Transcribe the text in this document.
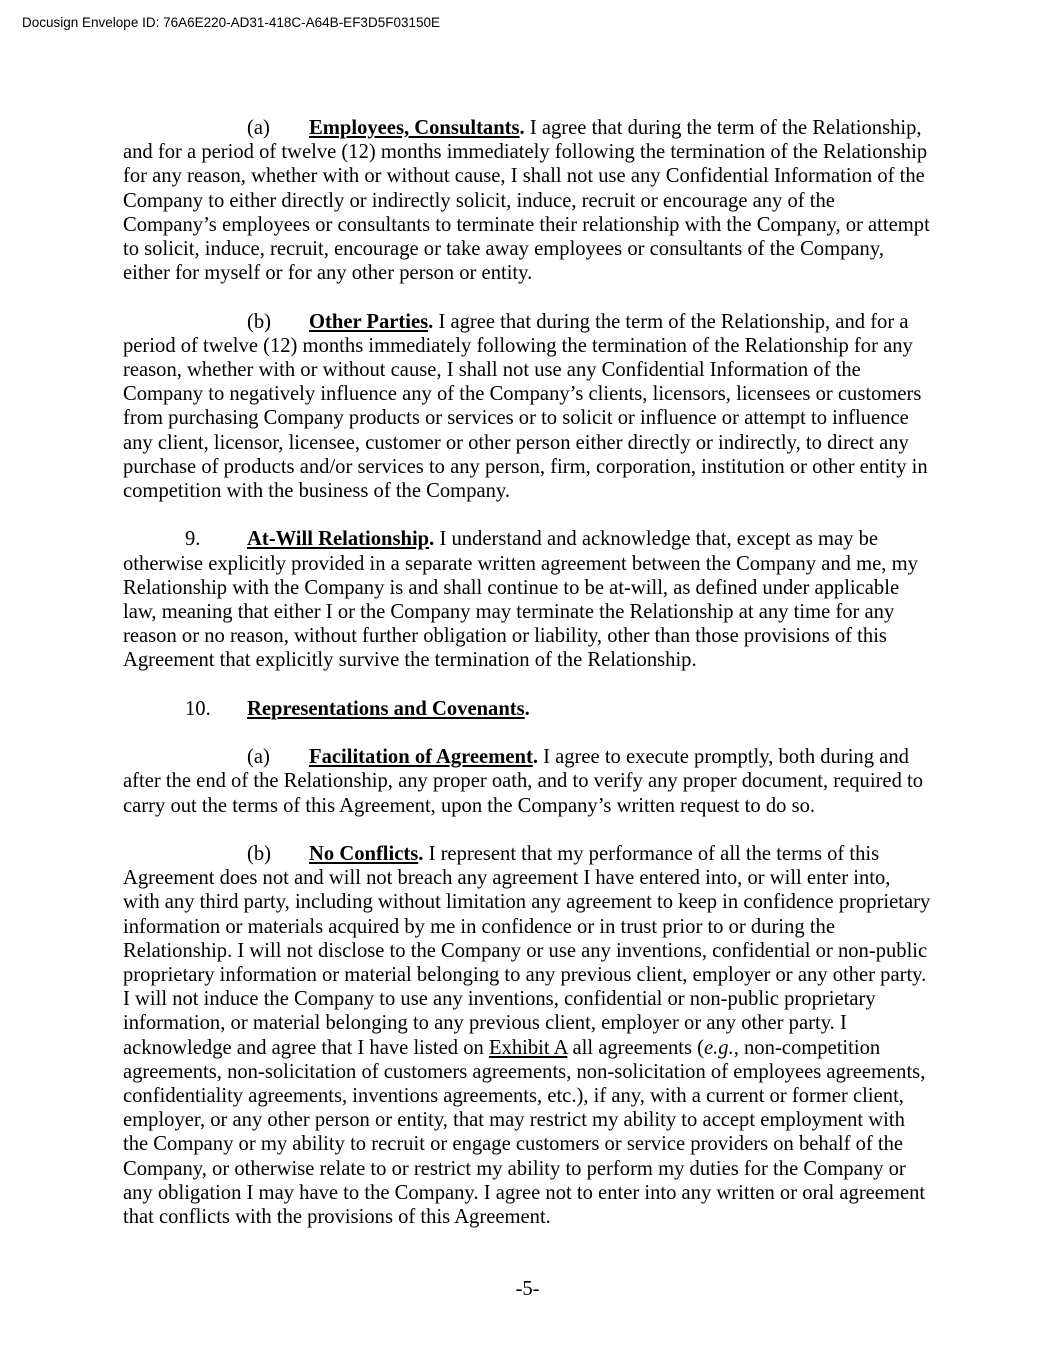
Docusign Envelope ID: 76A6E220-AD31-418C-A64B-EF3D5F03150E

(a) Employees, Consultants. I agree that during the term of the Relationship, and for a period of twelve (12) months immediately following the termination of the Relationship for any reason, whether with or without cause, I shall not use any Confidential Information of the Company to either directly or indirectly solicit, induce, recruit or encourage any of the Company’s employees or consultants to terminate their relationship with the Company, or attempt to solicit, induce, recruit, encourage or take away employees or consultants of the Company, either for myself or for any other person or entity.

(b) Other Parties. I agree that during the term of the Relationship, and for a period of twelve (12) months immediately following the termination of the Relationship for any reason, whether with or without cause, I shall not use any Confidential Information of the Company to negatively influence any of the Company’s clients, licensors, licensees or customers from purchasing Company products or services or to solicit or influence or attempt to influence any client, licensor, licensee, customer or other person either directly or indirectly, to direct any purchase of products and/or services to any person, firm, corporation, institution or other entity in competition with the business of the Company.

9. At-Will Relationship. I understand and acknowledge that, except as may be otherwise explicitly provided in a separate written agreement between the Company and me, my Relationship with the Company is and shall continue to be at-will, as defined under applicable law, meaning that either I or the Company may terminate the Relationship at any time for any reason or no reason, without further obligation or liability, other than those provisions of this Agreement that explicitly survive the termination of the Relationship.

10. Representations and Covenants.

(a) Facilitation of Agreement. I agree to execute promptly, both during and after the end of the Relationship, any proper oath, and to verify any proper document, required to carry out the terms of this Agreement, upon the Company’s written request to do so.

(b) No Conflicts. I represent that my performance of all the terms of this Agreement does not and will not breach any agreement I have entered into, or will enter into, with any third party, including without limitation any agreement to keep in confidence proprietary information or materials acquired by me in confidence or in trust prior to or during the Relationship. I will not disclose to the Company or use any inventions, confidential or non-public proprietary information or material belonging to any previous client, employer or any other party. I will not induce the Company to use any inventions, confidential or non-public proprietary information, or material belonging to any previous client, employer or any other party. I acknowledge and agree that I have listed on Exhibit A all agreements (e.g., non-competition agreements, non-solicitation of customers agreements, non-solicitation of employees agreements, confidentiality agreements, inventions agreements, etc.), if any, with a current or former client, employer, or any other person or entity, that may restrict my ability to accept employment with the Company or my ability to recruit or engage customers or service providers on behalf of the Company, or otherwise relate to or restrict my ability to perform my duties for the Company or any obligation I may have to the Company. I agree not to enter into any written or oral agreement that conflicts with the provisions of this Agreement.

-5-
